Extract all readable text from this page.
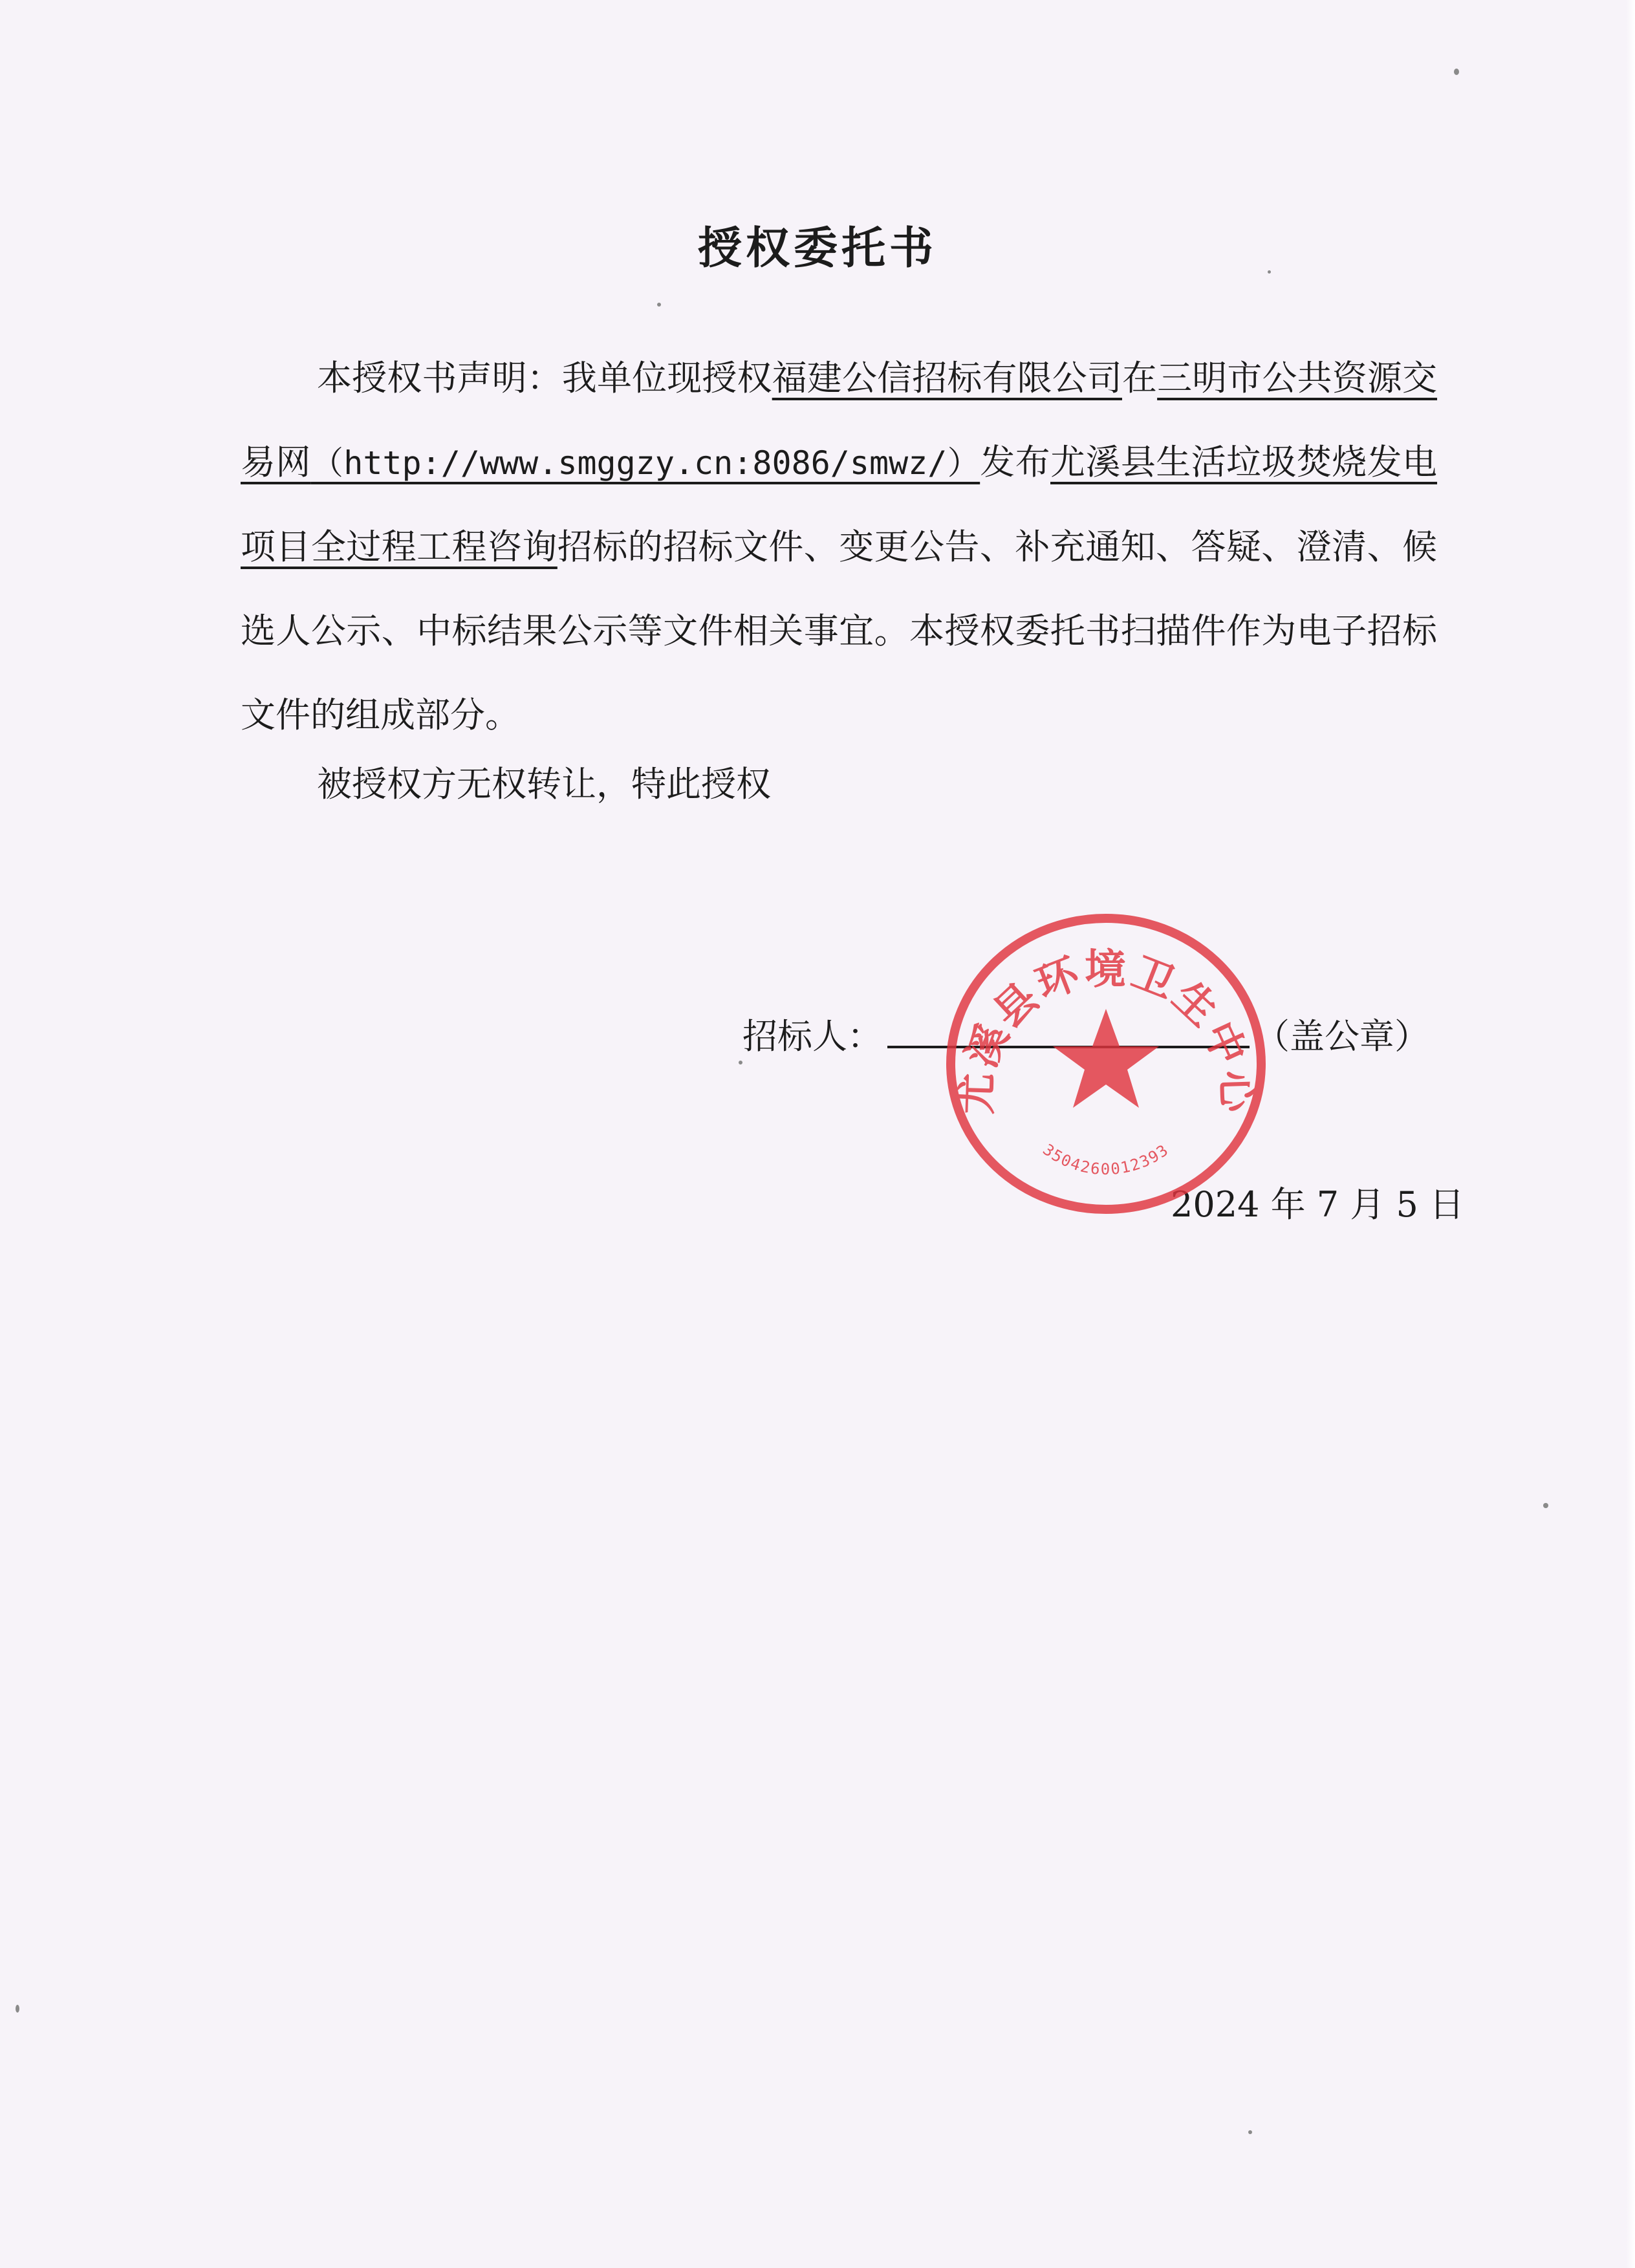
授权委托书

本授权书声明：我单位现授权福建公信招标有限公司在三明市公共资源交易网（http://www.smggzy.cn:8086/smwz/）发布尤溪县生活垃圾焚烧发电项目全过程工程咨询招标的招标文件、变更公告、补充通知、答疑、澄清、候选人公示、中标结果公示等文件相关事宜。本授权委托书扫描件作为电子招标文件的组成部分。

被授权方无权转让，特此授权
招标人：	（盖公章）
2024 年 7 月 5 日
尤溪县环境卫生中心
3504260012393
